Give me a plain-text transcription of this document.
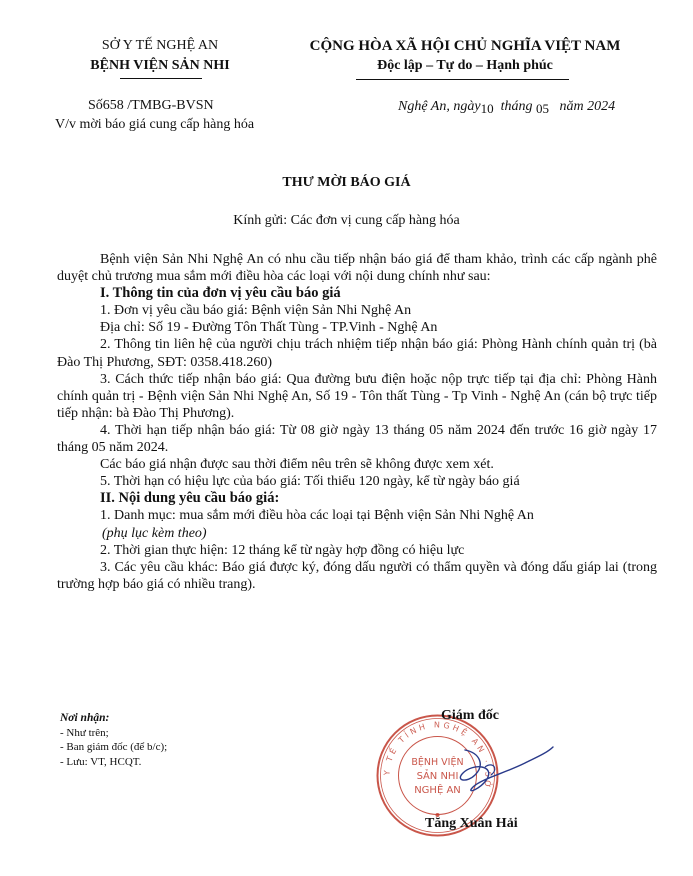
SỞ Y TẾ NGHỆ AN
BỆNH VIỆN SẢN NHI
CỘNG HÒA XÃ HỘI CHỦ NGHĨA VIỆT NAM
Độc lập – Tự do – Hạnh phúc
Số658 /TMBG-BVSN
V/v mời báo giá cung cấp hàng hóa
Nghệ An, ngày10 tháng 05 năm 2024
THƯ MỜI BÁO GIÁ
Kính gửi: Các đơn vị cung cấp hàng hóa

Bệnh viện Sản Nhi Nghệ An có nhu cầu tiếp nhận báo giá để tham khảo, trình các cấp ngành phê duyệt chủ trương mua sắm mới điều hòa các loại với nội dung chính như sau:

I. Thông tin của đơn vị yêu cầu báo giá

1. Đơn vị yêu cầu báo giá: Bệnh viện Sản Nhi Nghệ An

Địa chỉ: Số 19 - Đường Tôn Thất Tùng - TP.Vinh - Nghệ An

2. Thông tin liên hệ của người chịu trách nhiệm tiếp nhận báo giá: Phòng Hành chính quản trị (bà Đào Thị Phương, SĐT: 0358.418.260)

3. Cách thức tiếp nhận báo giá: Qua đường bưu điện hoặc nộp trực tiếp tại địa chỉ: Phòng Hành chính quản trị - Bệnh viện Sản Nhi Nghệ An, Số 19 - Tôn thất Tùng - Tp Vinh - Nghệ An (cán bộ trực tiếp tiếp nhận: bà Đào Thị Phương).

4. Thời hạn tiếp nhận báo giá: Từ 08 giờ ngày 13 tháng 05 năm 2024 đến trước 16 giờ ngày 17 tháng 05 năm 2024.

Các báo giá nhận được sau thời điểm nêu trên sẽ không được xem xét.

5. Thời hạn có hiệu lực của báo giá: Tối thiểu 120 ngày, kể từ ngày báo giá

II. Nội dung yêu cầu báo giá:

1. Danh mục: mua sắm mới điều hòa các loại tại Bệnh viện Sản Nhi Nghệ An

(phụ lục kèm theo)

2. Thời gian thực hiện: 12 tháng kể từ ngày hợp đồng có hiệu lực

3. Các yêu cầu khác: Báo giá được ký, đóng dấu người có thẩm quyền và đóng dấu giáp lai (trong trường hợp báo giá có nhiều trang).

Nơi nhận:
- Như trên;
- Ban giám đốc (để b/c);
- Lưu: VT, HCQT.
Y TẾ TỈNH NGHỆ AN · SỞ
BỆNH VIỆN
SẢN NHI
NGHỆ AN
Giám đốc
Tăng Xuân Hải
